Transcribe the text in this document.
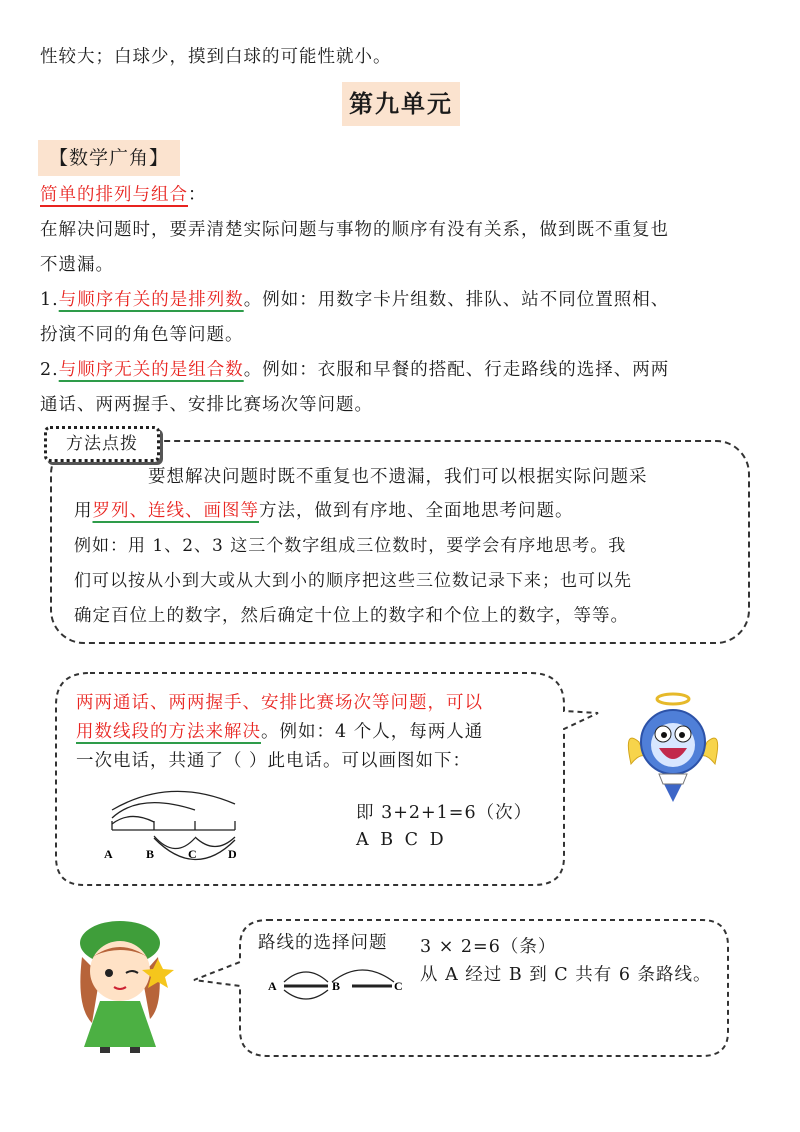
性较大；白球少，摸到白球的可能性就小。
第九单元
【数学广角】
简单的排列与组合：
在解决问题时，要弄清楚实际问题与事物的顺序有没有关系，做到既不重复也
不遗漏。
1.与顺序有关的是排列数。例如：用数字卡片组数、排队、站不同位置照相、
扮演不同的角色等问题。
2.与顺序无关的是组合数。例如：衣服和早餐的搭配、行走路线的选择、两两
通话、两两握手、安排比赛场次等问题。
方法点拨
要想解决问题时既不重复也不遗漏，我们可以根据实际问题采
用罗列、连线、画图等方法，做到有序地、全面地思考问题。
例如：用 1、2、3 这三个数字组成三位数时，要学会有序地思考。我
们可以按从小到大或从大到小的顺序把这些三位数记录下来；也可以先
确定百位上的数字，然后确定十位上的数字和个位上的数字，等等。
两两通话、两两握手、安排比赛场次等问题，可以
用数线段的方法来解决。例如：4 个人，每两人通
一次电话，共通了（ ）此电话。可以画图如下：
A	B	C	D
即 3+2+1=6（次）
A B C D
路线的选择问题 3 × 2=6（条）
从 A 经过 B 到 C 共有 6 条路线。
A	B	C
